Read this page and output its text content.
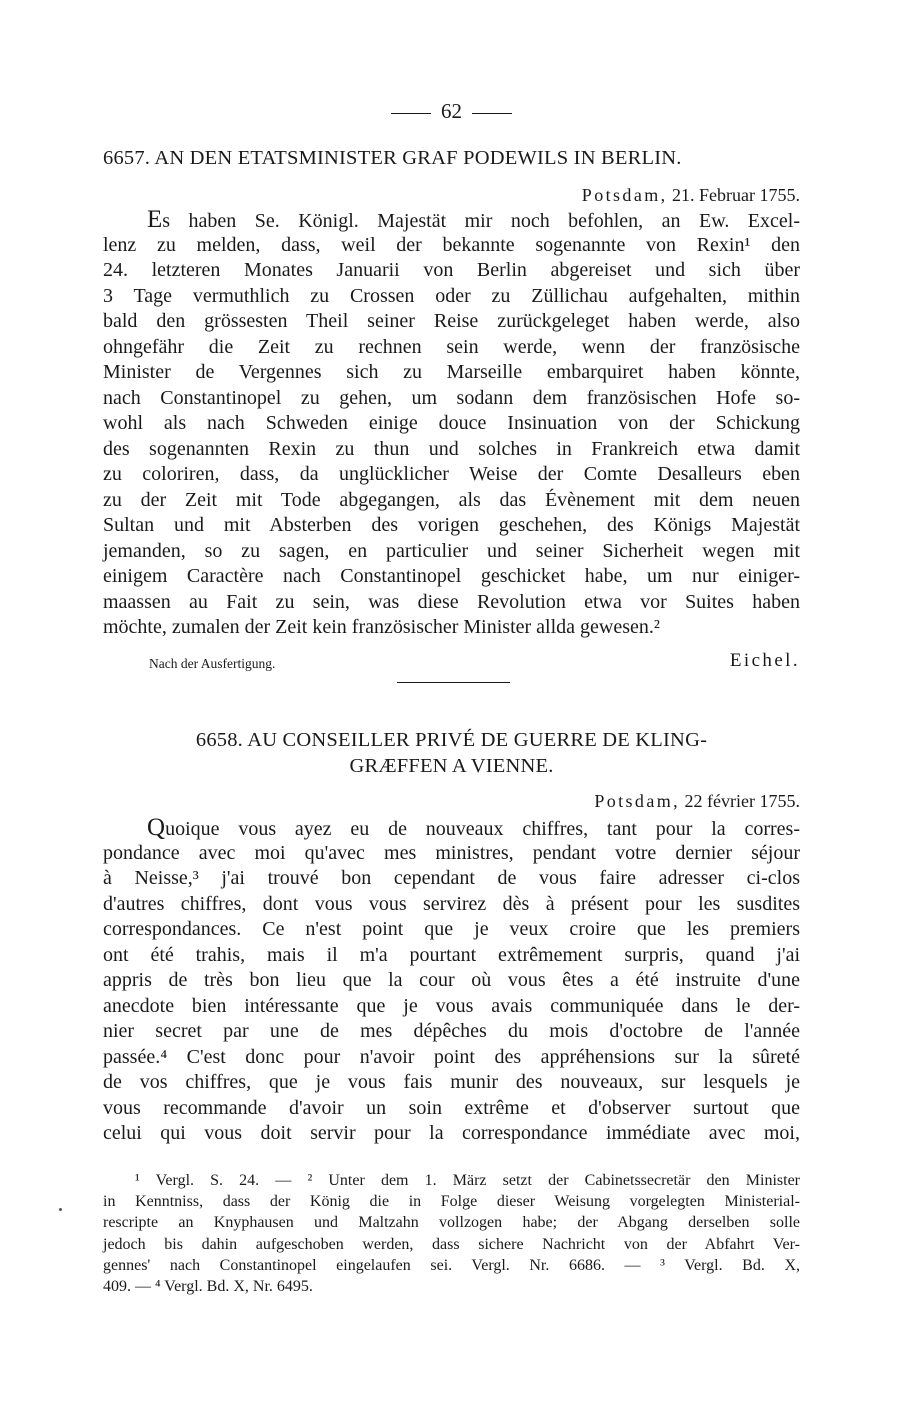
62
6657. AN DEN ETATSMINISTER GRAF PODEWILS IN BERLIN.
Potsdam, 21. Februar 1755.
Es haben Se. Königl. Majestät mir noch befohlen, an Ew. Excel-
lenz zu melden, dass, weil der bekannte sogenannte von Rexin¹ den
24. letzteren Monates Januarii von Berlin abgereiset und sich über
3 Tage vermuthlich zu Crossen oder zu Züllichau aufgehalten, mithin
bald den grössesten Theil seiner Reise zurückgeleget haben werde, also
ohngefähr die Zeit zu rechnen sein werde, wenn der französische
Minister de Vergennes sich zu Marseille embarquiret haben könnte,
nach Constantinopel zu gehen, um sodann dem französischen Hofe so-
wohl als nach Schweden einige douce Insinuation von der Schickung
des sogenannten Rexin zu thun und solches in Frankreich etwa damit
zu coloriren, dass, da unglücklicher Weise der Comte Desalleurs eben
zu der Zeit mit Tode abgegangen, als das Évènement mit dem neuen
Sultan und mit Absterben des vorigen geschehen, des Königs Majestät
jemanden, so zu sagen, en particulier und seiner Sicherheit wegen mit
einigem Caractère nach Constantinopel geschicket habe, um nur einiger-
maassen au Fait zu sein, was diese Revolution etwa vor Suites haben
möchte, zumalen der Zeit kein französischer Minister allda gewesen.²
Nach der Ausfertigung.	Eichel.
6658. AU CONSEILLER PRIVÉ DE GUERRE DE KLING-
GRÆFFEN A VIENNE.
Potsdam, 22 février 1755.
Quoique vous ayez eu de nouveaux chiffres, tant pour la corres-
pondance avec moi qu'avec mes ministres, pendant votre dernier séjour
à Neisse,³ j'ai trouvé bon cependant de vous faire adresser ci-clos
d'autres chiffres, dont vous vous servirez dès à présent pour les susdites
correspondances. Ce n'est point que je veux croire que les premiers
ont été trahis, mais il m'a pourtant extrêmement surpris, quand j'ai
appris de très bon lieu que la cour où vous êtes a été instruite d'une
anecdote bien intéressante que je vous avais communiquée dans le der-
nier secret par une de mes dépêches du mois d'octobre de l'année
passée.⁴ C'est donc pour n'avoir point des appréhensions sur la sûreté
de vos chiffres, que je vous fais munir des nouveaux, sur lesquels je
vous recommande d'avoir un soin extrême et d'observer surtout que
celui qui vous doit servir pour la correspondance immédiate avec moi,
¹ Vergl. S. 24. — ² Unter dem 1. März setzt der Cabinetssecretär den Minister
in Kenntniss, dass der König die in Folge dieser Weisung vorgelegten Ministerial-
rescripte an Knyphausen und Maltzahn vollzogen habe; der Abgang derselben solle
jedoch bis dahin aufgeschoben werden, dass sichere Nachricht von der Abfahrt Ver-
gennes' nach Constantinopel eingelaufen sei. Vergl. Nr. 6686. — ³ Vergl. Bd. X,
409. — ⁴ Vergl. Bd. X, Nr. 6495.
